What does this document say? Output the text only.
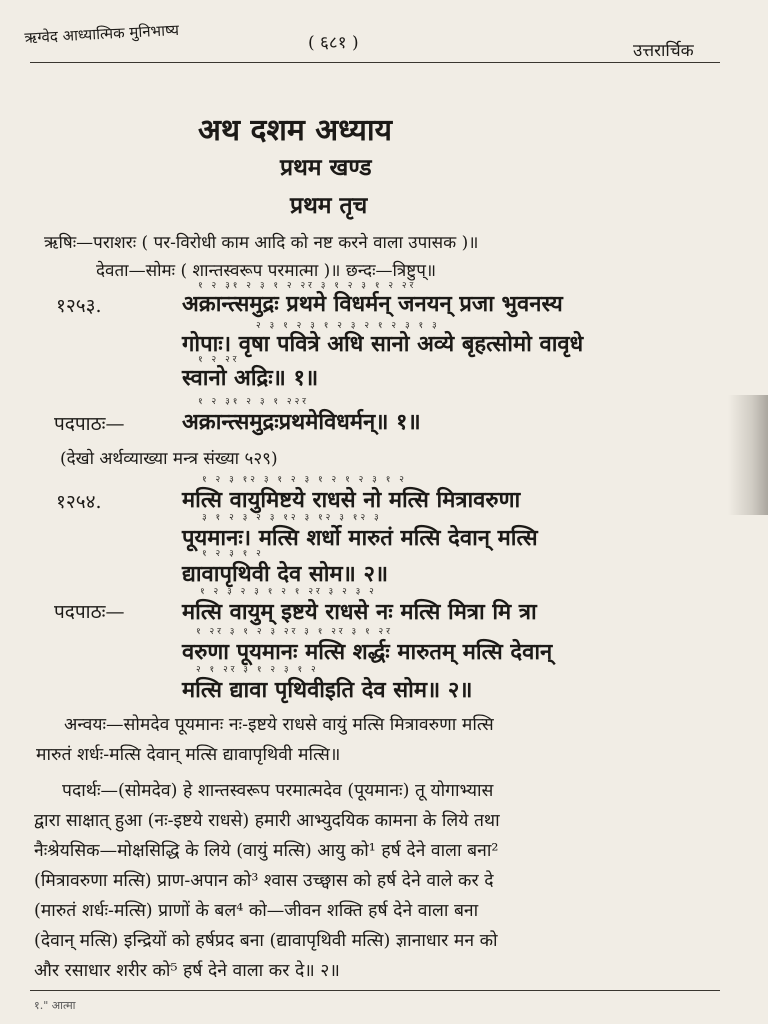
ऋग्वेद आध्यात्मिक मुनिभाष्य	( ६८१ )	उत्तरार्चिक
अथ दशम अध्याय
प्रथम खण्ड
प्रथम तृच
ऋषिः—पराशरः ( पर-विरोधी काम आदि को नष्ट करने वाला उपासक )॥
देवता—सोमः ( शान्तस्वरूप परमात्मा )॥ छन्दः—त्रिष्टुप्॥
१२५३.
१ २ ३१ २ ३ १ २ २र ३ १ २ ३ १ २ २र
अक्रान्त्समुद्रः प्रथमे विधर्मन् जनयन् प्रजा भुवनस्य
२ ३ १ २ ३ १ २ ३ २ १ २ ३ १ ३
गोपाः। वृषा पवित्रे अधि सानो अव्ये बृहत्सोमो वावृधे
१ २ २र
स्वानो अद्रिः॥ १॥
पदपाठः—
१ २ ३१ २ ३ १ २२र
अक्रान्त्समुद्रःप्रथमेविधर्मन्॥ १॥
(देखो अर्थव्याख्या मन्त्र संख्या ५२९)
१२५४.
१ २ ३ १२ ३ १ २ ३ १ २ १ २ ३ १ २
मत्सि वायुमिष्टये राधसे नो मत्सि मित्रावरुणा
३ १ २ ३ २ ३ १२ ३ १२ ३ १२ ३
पूयमानः। मत्सि शर्धो मारुतं मत्सि देवान् मत्सि
१ २ ३ १ २
द्यावापृथिवी देव सोम॥ २॥
पदपाठः—
१ २ ३ २ ३ १ २ १ २र ३ २ ३ २
मत्सि वायुम् इष्टये राधसे नः मत्सि मित्रा मि त्रा
१ २र ३ १ २ ३ २र ३ १ २र ३ १ २र
वरुणा पूयमानः मत्सि शर्द्धः मारुतम् मत्सि देवान्
२ १ २र ३ १ २ ३ १ २
मत्सि द्यावा पृथिवीइति देव सोम॥ २॥
अन्वयः—सोमदेव पूयमानः नः-इष्टये राधसे वायुं मत्सि मित्रावरुणा मत्सि
मारुतं शर्धः-मत्सि देवान् मत्सि द्यावापृथिवी मत्सि॥
पदार्थः—(सोमदेव) हे शान्तस्वरूप परमात्मदेव (पूयमानः) तू योगाभ्यास
द्वारा साक्षात् हुआ (नः-इष्टये राधसे) हमारी आभ्युदयिक कामना के लिये तथा
नैःश्रेयसिक—मोक्षसिद्धि के लिये (वायुं मत्सि) आयु को¹ हर्ष देने वाला बना²
(मित्रावरुणा मत्सि) प्राण-अपान को³ श्वास उच्छ्वास को हर्ष देने वाले कर दे
(मारुतं शर्धः-मत्सि) प्राणों के बल⁴ को—जीवन शक्ति हर्ष देने वाला बना
(देवान् मत्सि) इन्द्रियों को हर्षप्रद बना (द्यावापृथिवी मत्सि) ज्ञानाधार मन को
और रसाधार शरीर को⁵ हर्ष देने वाला कर दे॥ २॥
१." आत्मा
